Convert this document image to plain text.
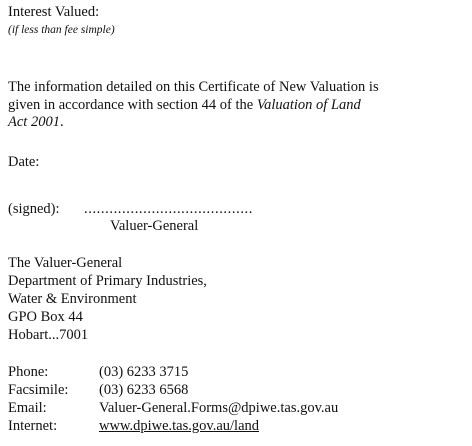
Interest Valued:
(if less than fee simple)
The information detailed on this Certificate of New Valuation is
given in accordance with section 44 of the Valuation of Land
Act 2001.
Date:
(signed): ........................................
Valuer-General
The Valuer-General
Department of Primary Industries,
Water & Environment
GPO Box 44
Hobart...7001
Phone:	(03) 6233 3715
Facsimile: (03) 6233 6568
Email:	Valuer-General.Forms@dpiwe.tas.gov.au
Internet:	www.dpiwe.tas.gov.au/land
